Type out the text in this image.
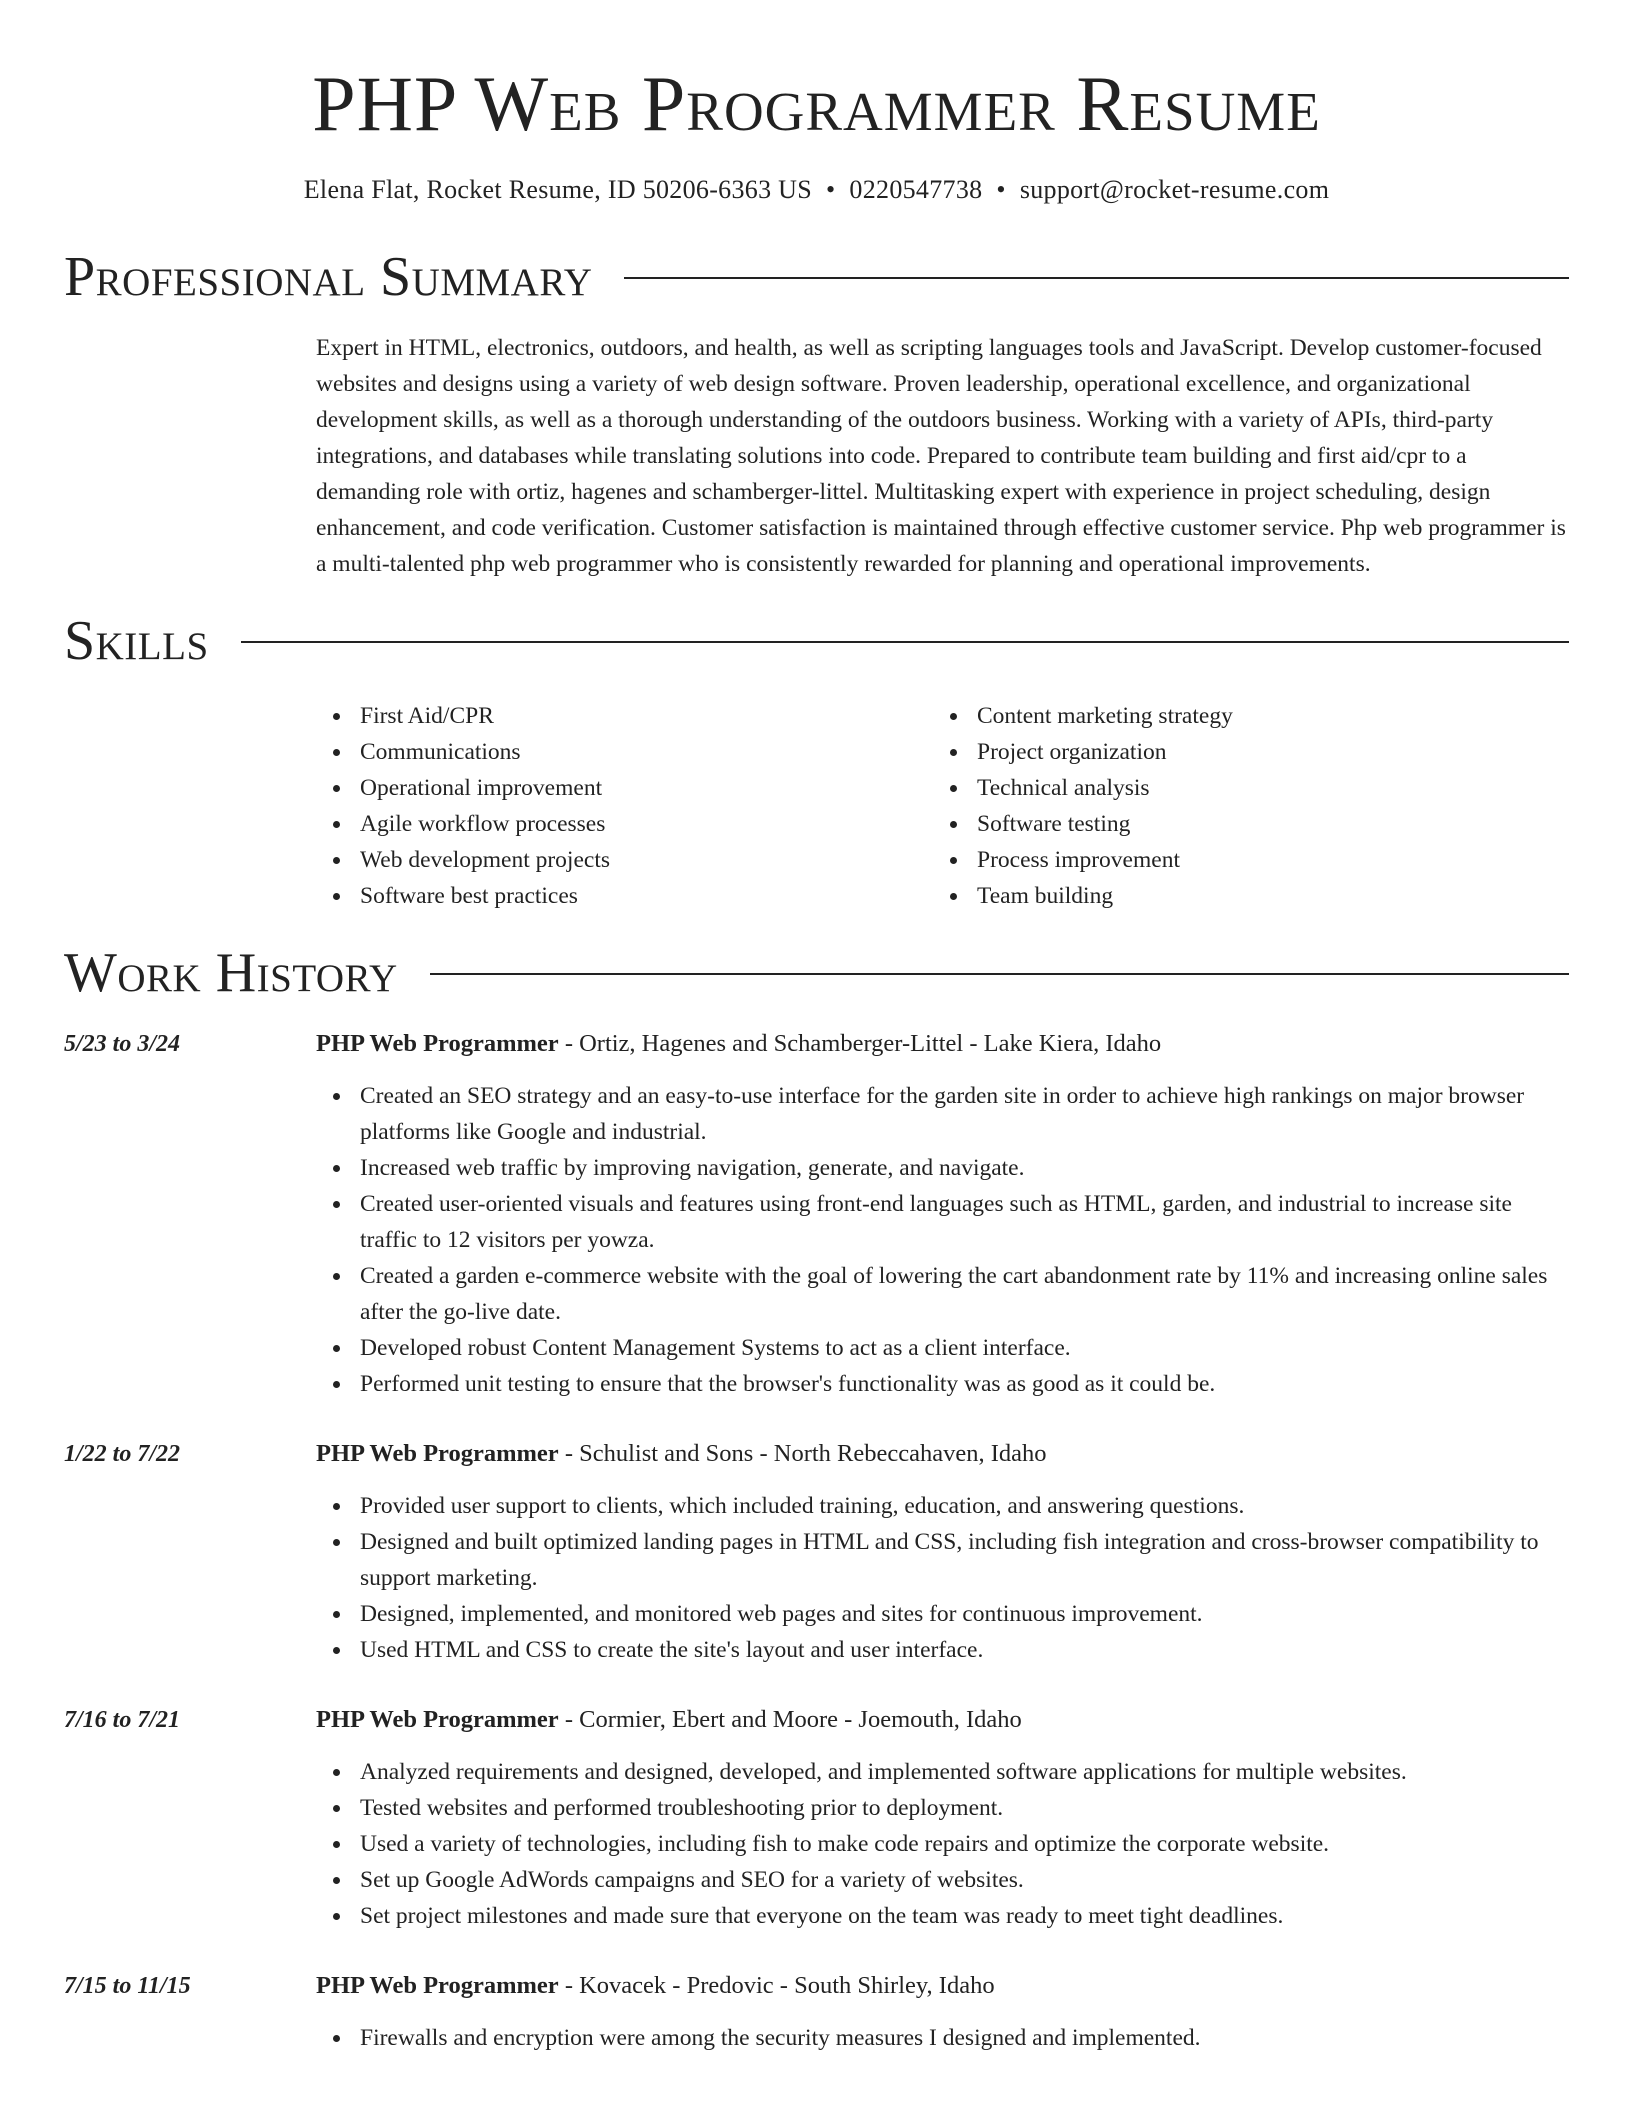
PHP Web Programmer Resume
Elena Flat, Rocket Resume, ID 50206-6363 US • 0220547738 • support@rocket-resume.com
Professional Summary
Expert in HTML, electronics, outdoors, and health, as well as scripting languages tools and JavaScript. Develop customer-focused websites and designs using a variety of web design software. Proven leadership, operational excellence, and organizational development skills, as well as a thorough understanding of the outdoors business. Working with a variety of APIs, third-party integrations, and databases while translating solutions into code. Prepared to contribute team building and first aid/cpr to a demanding role with ortiz, hagenes and schamberger-littel. Multitasking expert with experience in project scheduling, design enhancement, and code verification. Customer satisfaction is maintained through effective customer service. Php web programmer is a multi-talented php web programmer who is consistently rewarded for planning and operational improvements.
Skills
First Aid/CPR
Communications
Operational improvement
Agile workflow processes
Web development projects
Software best practices
Content marketing strategy
Project organization
Technical analysis
Software testing
Process improvement
Team building
Work History
5/23 to 3/24	PHP Web Programmer - Ortiz, Hagenes and Schamberger-Littel - Lake Kiera, Idaho
Created an SEO strategy and an easy-to-use interface for the garden site in order to achieve high rankings on major browser platforms like Google and industrial.
Increased web traffic by improving navigation, generate, and navigate.
Created user-oriented visuals and features using front-end languages such as HTML, garden, and industrial to increase site traffic to 12 visitors per yowza.
Created a garden e-commerce website with the goal of lowering the cart abandonment rate by 11% and increasing online sales after the go-live date.
Developed robust Content Management Systems to act as a client interface.
Performed unit testing to ensure that the browser's functionality was as good as it could be.
1/22 to 7/22	PHP Web Programmer - Schulist and Sons - North Rebeccahaven, Idaho
Provided user support to clients, which included training, education, and answering questions.
Designed and built optimized landing pages in HTML and CSS, including fish integration and cross-browser compatibility to support marketing.
Designed, implemented, and monitored web pages and sites for continuous improvement.
Used HTML and CSS to create the site's layout and user interface.
7/16 to 7/21	PHP Web Programmer - Cormier, Ebert and Moore - Joemouth, Idaho
Analyzed requirements and designed, developed, and implemented software applications for multiple websites.
Tested websites and performed troubleshooting prior to deployment.
Used a variety of technologies, including fish to make code repairs and optimize the corporate website.
Set up Google AdWords campaigns and SEO for a variety of websites.
Set project milestones and made sure that everyone on the team was ready to meet tight deadlines.
7/15 to 11/15	PHP Web Programmer - Kovacek - Predovic - South Shirley, Idaho
Firewalls and encryption were among the security measures I designed and implemented.
